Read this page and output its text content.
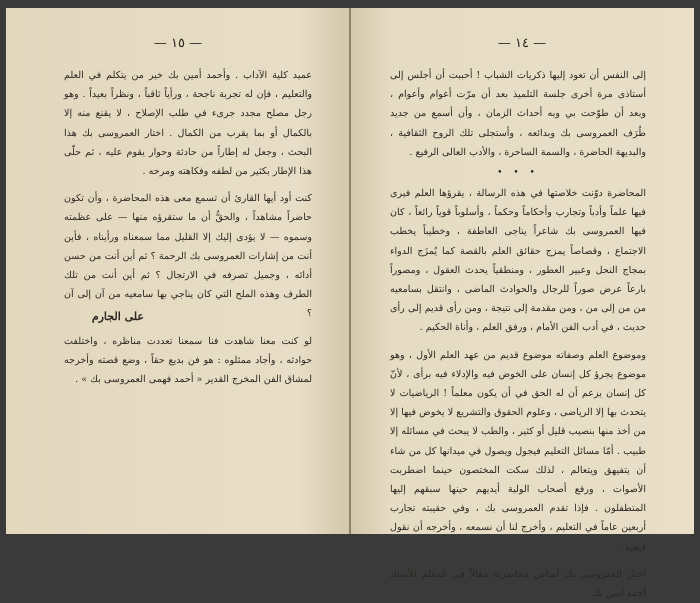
— ١٥ —

عميد كلية الآداب . وأحمد أمين بك خير من يتكلم في العلم والتعليم ، فإن له تجربة ناجحة ، ورأياً ثاقباً ، ونظراً بعيداً . وهو رجل مصلح مجدد جرىء في طلب الإصلاح ، لا يقنع منه إلا بالكمال أو بما يقرب من الكمال . اختار العمروسى بك هذا البحث ، وجعل له إطاراً من حادثة وحوار يقوم عليه ، ثم حلّى هذا الإطار بكثير من لطفه وفكاهته ومرحه .

كنت أود أيها القارئ أن تسمع معى هذه المحاضرة ، وأن تكون حاضراً مشاهداً ، والحقُّ أن ما ستقرؤه منها — على عظمته وسموه — لا يؤدى إليك إلا القليل مما سمعناه ورأيناه ، فأين أنت من إشارات العمروسى بك الرحمة ؟ ثم أين أنت من حسن أدائه ، وجميل تصرفه في الارتجال ؟ ثم أين أنت من تلك الطرف وهذه الملح التي كان يناجي بها سامعيه من آن إلى آن ؟

لو كنت معنا شاهدت فنا سمعنا تعددت مناظره ، واختلفت حوادثه ، وأجاد ممثلوه : هو فن بديع حقاً ، وضع قصته وأخرجه لمشاق الفن المخرج القدير « أحمد فهمى العمروسى بك » .

على الجارم
— ١٤ —

إلى النفس أن تعود إليها ذكريات الشباب ! أحببت أن أجلس إلى أستاذى مرة أخرى جلسة التلميذ بعد أن مرّت أعوام وأعوام ، وبعد أن طوّحت بي وبه أحداث الزمان ، وأن أسمع من جديد طُرَف العمروسى بك وبدائعه ، وأستجلى تلك الروح الثقافية ، والبديهة الحاضرة ، والسمة الساحرة ، والأدب العالى الرفيع .

• • •

المحاضرة دوّنت خلاصتها في هذه الرسالة ، يقرؤها العلم فيرى فيها علماً وأدباً وتجارب وأحكاماً وحكماً ، وأسلوباً قوياً رائعاً ، كان فيها العمروسى بك شاعراً يناجى العاطفة ، وخطيباً يخطب الاجتماع ، وقصاصاً يمزج حقائق العلم بالقصة كما يُمزَج الدواء بمجاج النحل وعبير العطور ، ومنطقياً يحدث العقول ، ومصوراً بارعاً عرض صوراً للرجال والحوادث الماضى ، وانتقل بسامعيه من من إلى من ، ومن مقدمة إلى نتيجة ، ومن رأى قديم إلى رأى حديث ، في أدب الفن الأمام ، ورفق العلم ، وأناة الحكيم .

وموضوع العلم وصفاته موضوع قديم من عهد العلم الأول ، وهو موضوع يجرؤ كل إنسان على الخوض فيه والإدلاء فيه برأى ، لأنّ كل إنسان يزعم أن له الحق في أن يكون معلماً ! الرياضيات لا يتحدث بها إلا الرياضى ، وعلوم الحقوق والتشريع لا يخوض فيها إلا من أخذ منها بنصيب قليل أو كثير ، والطب لا يبحث في مسائله إلا طبيب . أمّا مسائل التعليم فيجول ويصول في ميدانها كل من شاء أن يتفيهق ويتعالم ، لذلك سكت المختصون حينما اضطربت الأصوات ، ورفع أصحاب الولية أيديهم حينها سبقهم إليها المتطفلون . فإذا تقدم العمروسى بك ، وفي حقيبته تجارب أربعين عاماً في التعليم ، وأخرج لنا أن نسمعه ، وأخرجه أن نقول فيجيد .

اختار العمروسى بك أساس محاضرته مقالاً في المعلم للأستاذ أحمد أمين بك
